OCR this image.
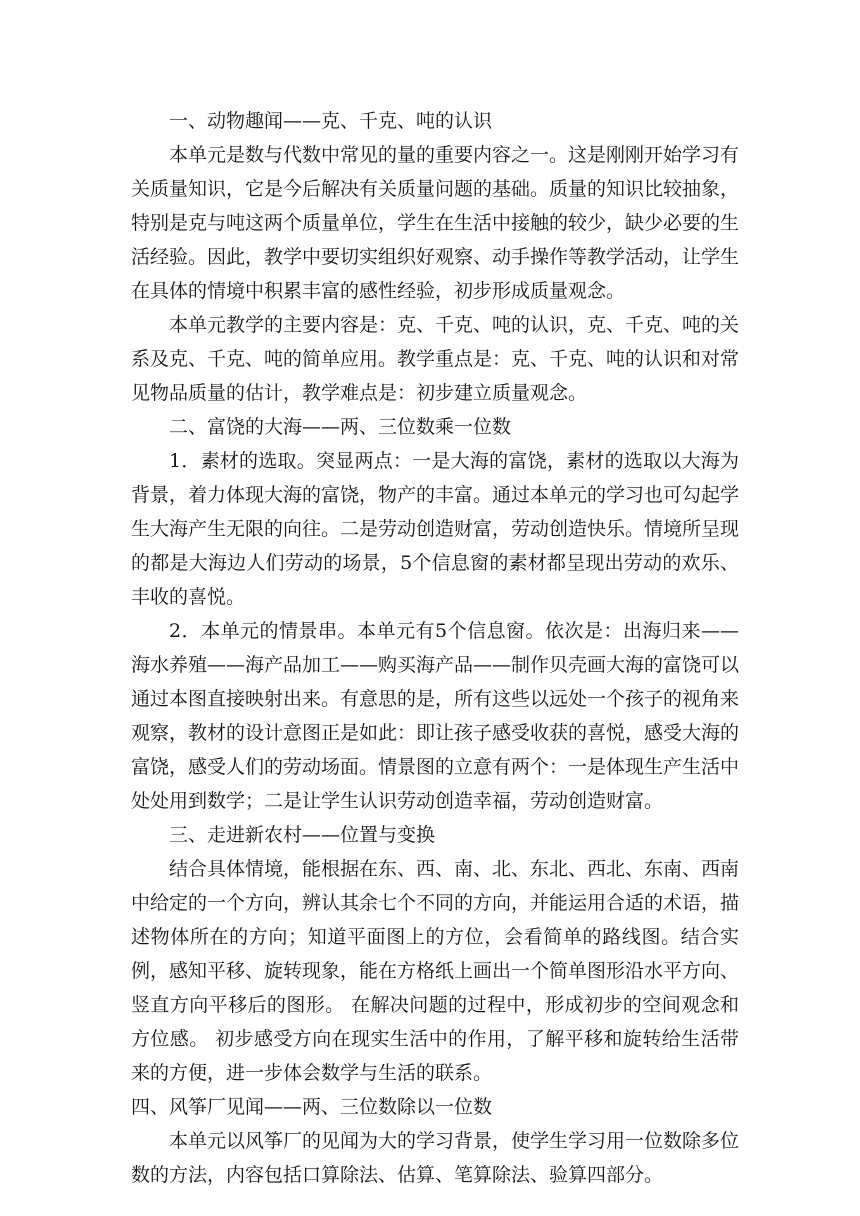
一、动物趣闻——克、千克、吨的认识

本单元是数与代数中常见的量的重要内容之一。这是刚刚开始学习有关质量知识，它是今后解决有关质量问题的基础。质量的知识比较抽象，特别是克与吨这两个质量单位，学生在生活中接触的较少，缺少必要的生活经验。因此，教学中要切实组织好观察、动手操作等教学活动，让学生在具体的情境中积累丰富的感性经验，初步形成质量观念。

本单元教学的主要内容是：克、千克、吨的认识，克、千克、吨的关系及克、千克、吨的简单应用。教学重点是：克、千克、吨的认识和对常见物品质量的估计，教学难点是：初步建立质量观念。

二、富饶的大海——两、三位数乘一位数

1．素材的选取。突显两点：一是大海的富饶，素材的选取以大海为背景，着力体现大海的富饶，物产的丰富。通过本单元的学习也可勾起学生大海产生无限的向往。二是劳动创造财富，劳动创造快乐。情境所呈现的都是大海边人们劳动的场景，5个信息窗的素材都呈现出劳动的欢乐、丰收的喜悦。

2．本单元的情景串。本单元有5个信息窗。依次是：出海归来——海水养殖——海产品加工——购买海产品——制作贝壳画大海的富饶可以通过本图直接映射出来。有意思的是，所有这些以远处一个孩子的视角来观察，教材的设计意图正是如此：即让孩子感受收获的喜悦，感受大海的富饶，感受人们的劳动场面。情景图的立意有两个：一是体现生产生活中处处用到数学；二是让学生认识劳动创造幸福，劳动创造财富。

三、走进新农村——位置与变换

结合具体情境，能根据在东、西、南、北、东北、西北、东南、西南中给定的一个方向，辨认其余七个不同的方向，并能运用合适的术语，描述物体所在的方向；知道平面图上的方位，会看简单的路线图。结合实例，感知平移、旋转现象，能在方格纸上画出一个简单图形沿水平方向、竖直方向平移后的图形。 在解决问题的过程中，形成初步的空间观念和方位感。 初步感受方向在现实生活中的作用，了解平移和旋转给生活带来的方便，进一步体会数学与生活的联系。

四、风筝厂见闻——两、三位数除以一位数

本单元以风筝厂的见闻为大的学习背景，使学生学习用一位数除多位数的方法，内容包括口算除法、估算、笔算除法、验算四部分。
